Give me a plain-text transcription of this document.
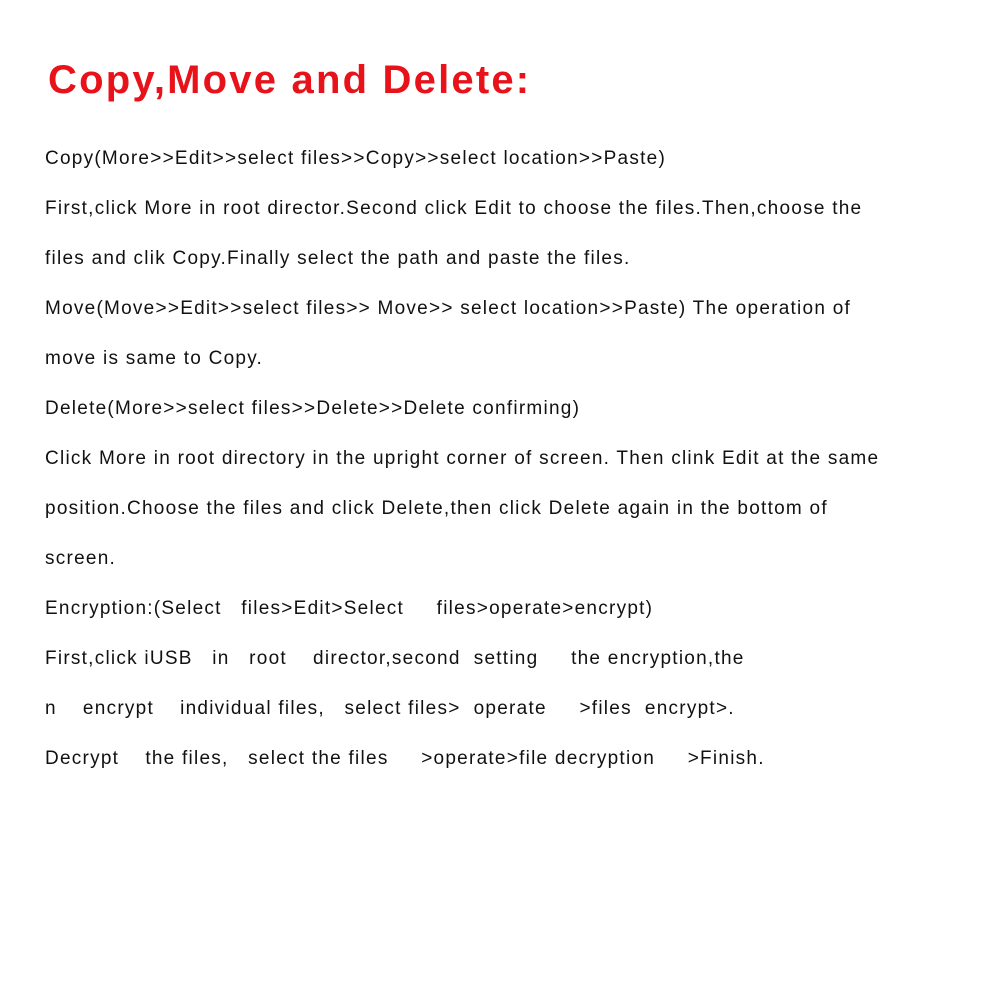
Copy,Move and Delete:
Copy(More>>Edit>>select files>>Copy>>select location>>Paste)
First,click More in root director.Second click Edit to choose the files.Then,choose the
files and clik Copy.Finally select the path and paste the files.
Move(Move>>Edit>>select files>> Move>> select location>>Paste) The operation of
move is same to Copy.
Delete(More>>select files>>Delete>>Delete confirming)
Click More in root directory in the upright corner of screen. Then clink Edit at the same
position.Choose the files and click Delete,then click Delete again in the bottom of
screen.
Encryption:(Select   files>Edit>Select     files>operate>encrypt)
First,click iUSB   in   root    director,second  setting     the encryption,the
n    encrypt    individual files,   select files>  operate     >files  encrypt>.
Decrypt    the files,   select the files     >operate>file decryption     >Finish.
